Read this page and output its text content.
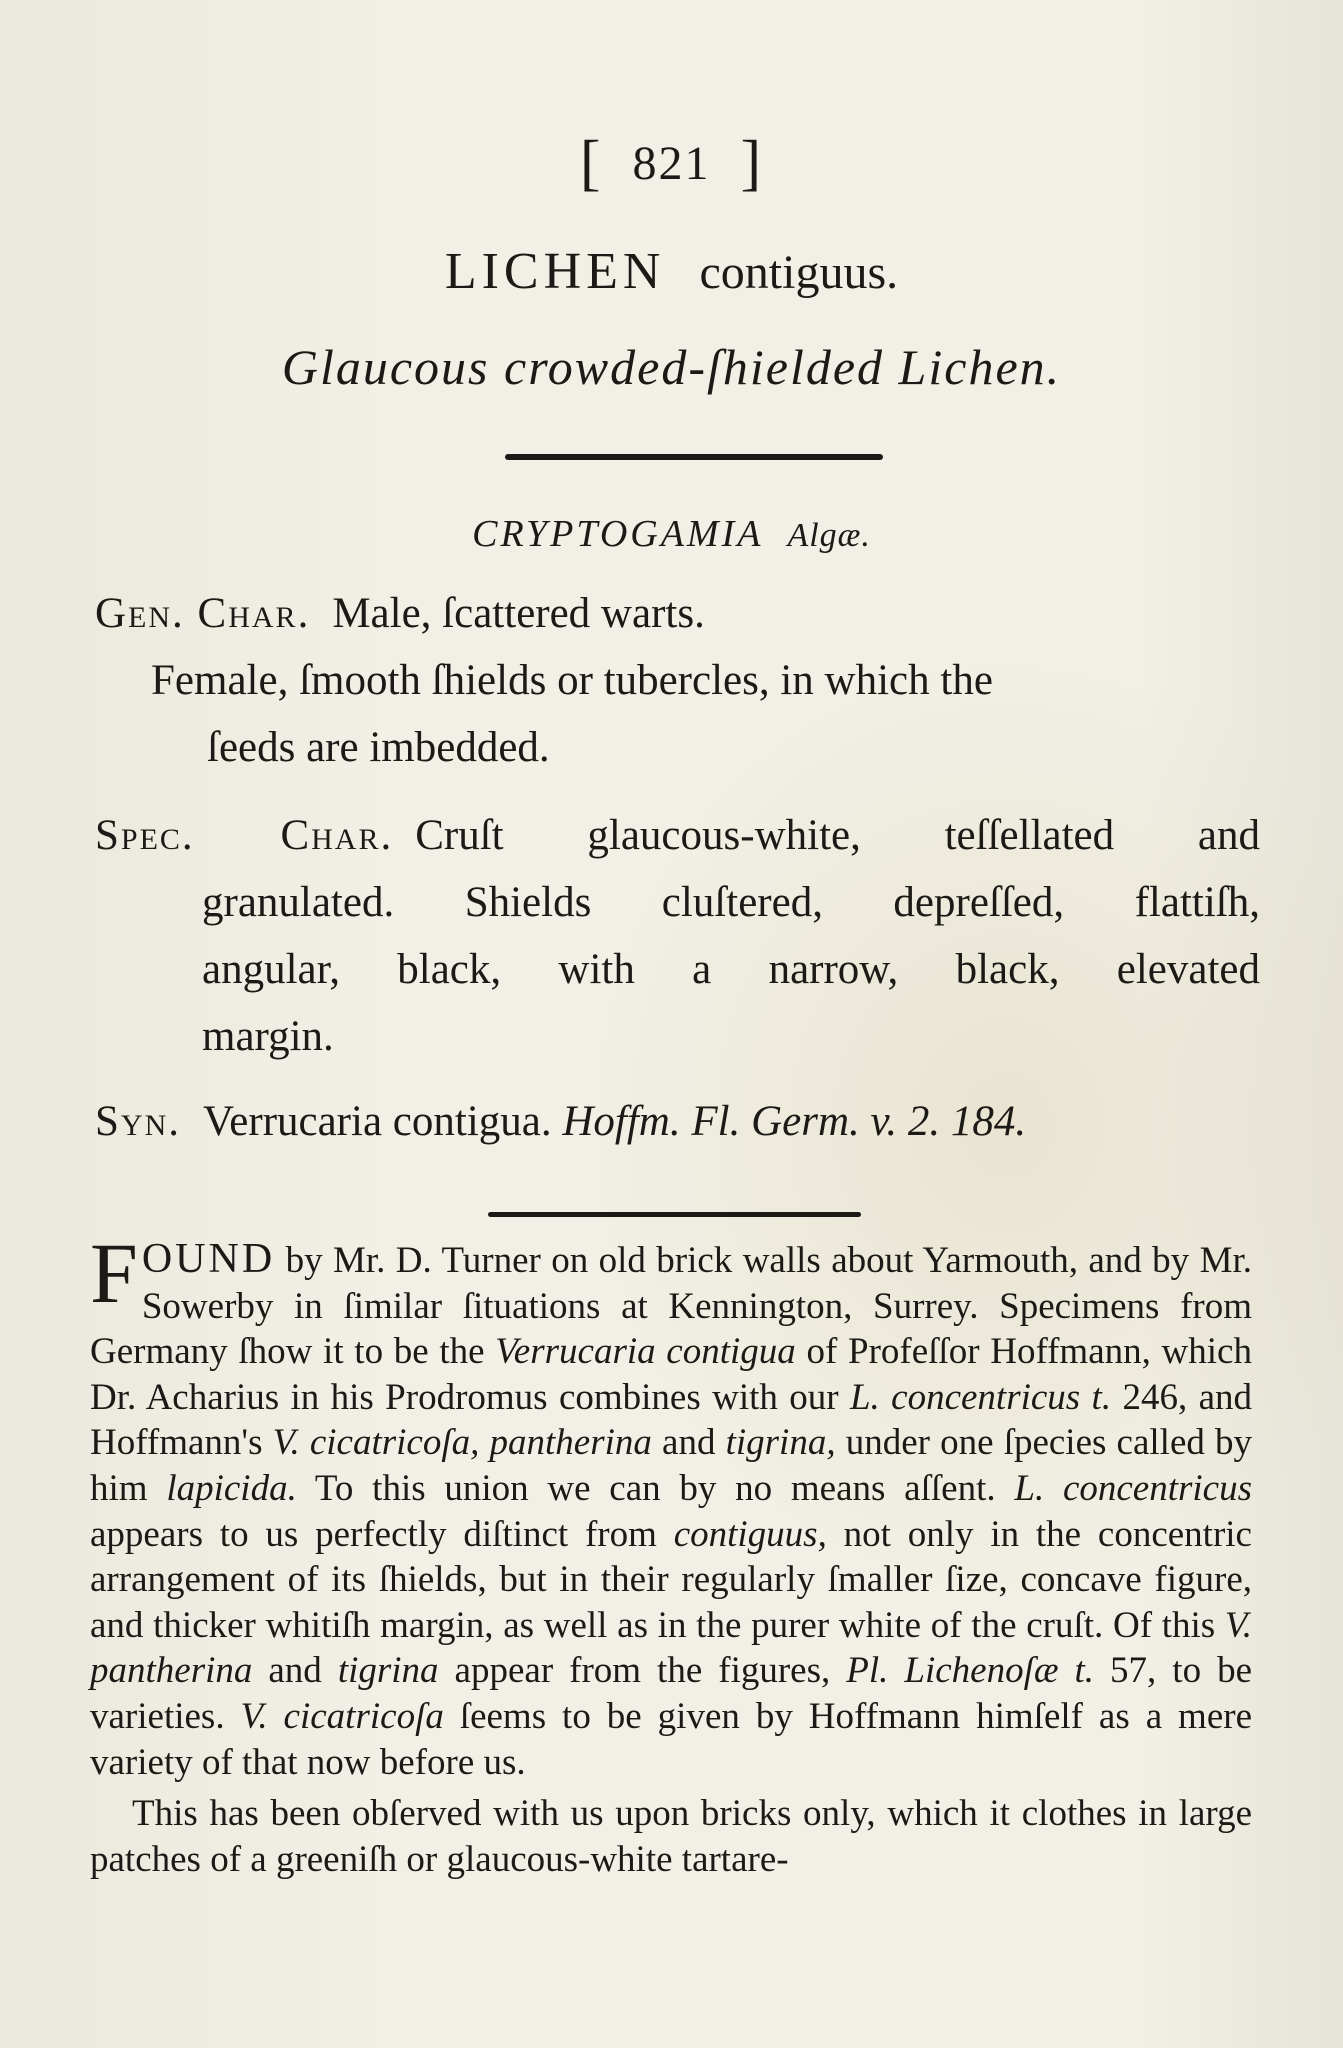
[ 821 ]
LICHEN contiguus.
Glaucous crowded-ſhielded Lichen.
CRYPTOGAMIA Algæ.
Gen. Char. Male, ſcattered warts.
Female, ſmooth ſhields or tubercles, in which the
ſeeds are imbedded.
Spec. Char. Cruſt glaucous-white, teſſellated and
granulated. Shields cluſtered, depreſſed, flattiſh,
angular, black, with a narrow, black, elevated
margin.
Syn. Verrucaria contigua. Hoffm. Fl. Germ. v. 2. 184.

FOUND by Mr. D. Turner on old brick walls about Yarmouth, and by Mr. Sowerby in ſimilar ſituations at Kennington, Surrey. Specimens from Germany ſhow it to be the Verrucaria contigua of Profeſſor Hoffmann, which Dr. Acharius in his Prodromus combines with our L. concentricus t. 246, and Hoffmann's V. cicatricoſa, pantherina and tigrina, under one ſpecies called by him lapicida. To this union we can by no means aſſent. L. concentricus appears to us perfectly diſtinct from contiguus, not only in the concentric arrangement of its ſhields, but in their regularly ſmaller ſize, concave figure, and thicker whitiſh margin, as well as in the purer white of the cruſt. Of this V. pantherina and tigrina appear from the figures, Pl. Lichenoſæ t. 57, to be varieties. V. cicatricoſa ſeems to be given by Hoffmann himſelf as a mere variety of that now before us.

This has been obſerved with us upon bricks only, which it clothes in large patches of a greeniſh or glaucous-white tartare-
